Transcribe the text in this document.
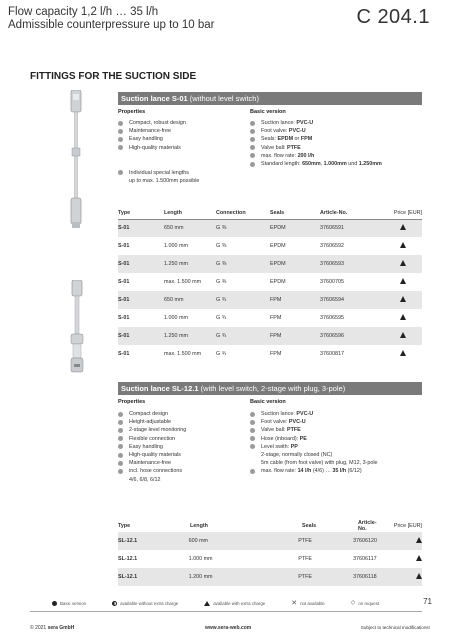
Flow capacity 1,2 l/h … 35 l/h
Admissible counterpressure up to 10 bar	C 204.1
FITTINGS FOR THE SUCTION SIDE
Suction lance S-01 (without level switch)
Properties	Basic version
Compact, robust design
Maintenance-free
Easy handling
High-quality materials
Individual special lengths
up to max. 1.500mm possible
Suction lance: PVC-U
Foot valve: PVC-U
Seals: EPDM or FPM
Valve ball: PTFE
max. flow rate: 200 l/h
Standard length: 650mm, 1.000mm und 1.250mm
Type	Length	Connection	Seals	Article-No.	Price [EUR]
S-01	650 mm	G ⅜	EPDM	37606591	
S-01	1.000 mm	G ⅜	EPDM	37606592	
S-01	1.250 mm	G ⅜	EPDM	37606593	
S-01	max. 1.500 mm	G ⅜	EPDM	37600705	
S-01	650 mm	G ¾	FPM	37606594	
S-01	1.000 mm	G ¾	FPM	37606595	
S-01	1.250 mm	G ¾	FPM	37606596	
S-01	max. 1.500 mm	G ¾	FPM	37600817	
Suction lance SL-12.1 (with level switch, 2-stage with plug, 3-pole)
Properties	Basic version
Compact design
Height-adjustable
2-stage level monitoring
Flexible connection
Easy handling
High-quality materials
Maintenance-free
incl. hose connections
4/6, 6/8, 6/12
Suction lance: PVC-U
Foot valve: PVC-U
Valve ball: PTFE
Hose (inboard): PE
Level swith: PP
2-stage, normally closed (NC)
5m cable (from foot valve) with plug, M12, 3-pole
max. flow rate: 14 l/h (4/6) … 35 l/h (6/12)
Type	Length	Seals	Article-No.	Price [EUR]
71
© 2021 sera GmbH	www.sera-web.com	Subject to technical modifications!
SL-12.1	600 mm	PTFE	37606120	
SL-12.1	1.000 mm	PTFE	37606117	
SL-12.1	1.200 mm	PTFE	37606118	
Basic version	available without extra charge	available with extra charge	✕ not available	◇ on request
